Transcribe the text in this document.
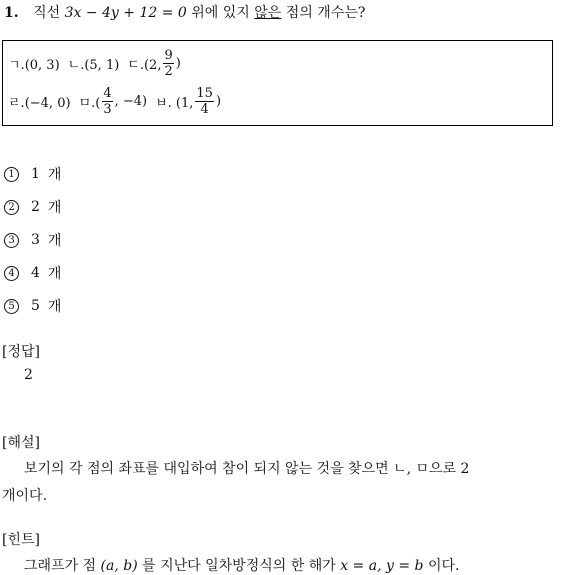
1. 직선 3x − 4y + 12 = 0 위에 있지 않은 점의 개수는?
ㄱ.(0, 3) ㄴ.(5, 1) ㄷ.(2, $\frac{9}{2}$ )
ㄹ.(−4, 0) ㅁ.( $\frac{4}{3}$ , −4) ㅂ. (1, $\frac{15}{4}$ )
1	1 개
2	2 개
3	3 개
4	4 개
5	5 개
[정답]
2
[해설]
보기의 각 점의 좌표를 대입하여 참이 되지 않는 것을 찾으면 ㄴ, ㅁ으로 2
개이다.
[힌트]
그래프가 점 (a, b) 를 지난다 일차방정식의 한 해가 x = a, y = b 이다.
